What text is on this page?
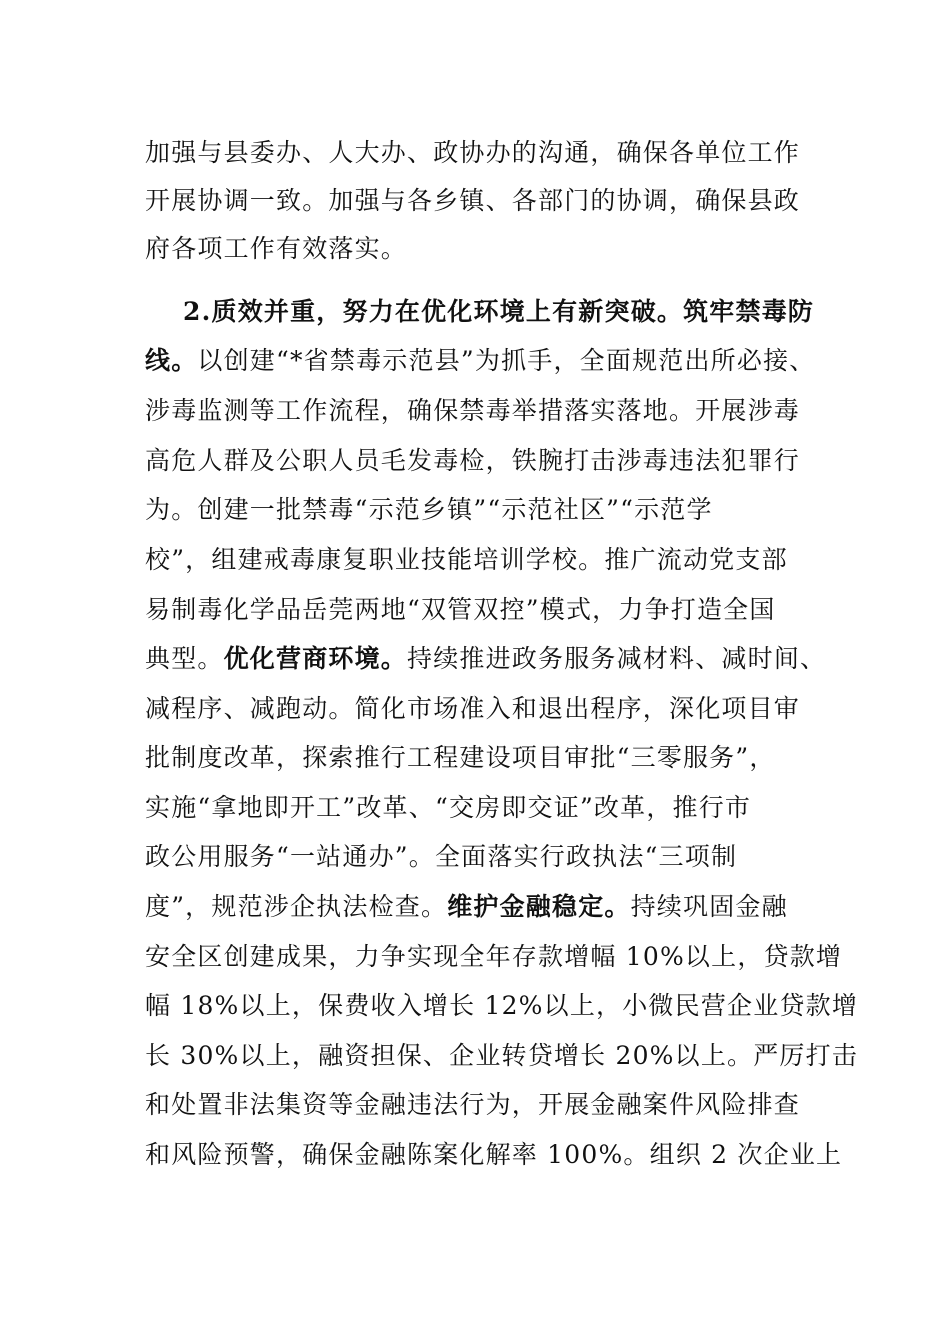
加强与县委办、人大办、政协办的沟通，确保各单位工作
开展协调一致。加强与各乡镇、各部门的协调，确保县政
府各项工作有效落实。
2.质效并重，努力在优化环境上有新突破。筑牢禁毒防
线。以创建“*省禁毒示范县”为抓手，全面规范出所必接、
涉毒监测等工作流程，确保禁毒举措落实落地。开展涉毒
高危人群及公职人员毛发毒检，铁腕打击涉毒违法犯罪行
为。创建一批禁毒“示范乡镇”“示范社区”“示范学
校”，组建戒毒康复职业技能培训学校。推广流动党支部
易制毒化学品岳莞两地“双管双控”模式，力争打造全国
典型。优化营商环境。持续推进政务服务减材料、减时间、
减程序、减跑动。简化市场准入和退出程序，深化项目审
批制度改革，探索推行工程建设项目审批“三零服务”，
实施“拿地即开工”改革、“交房即交证”改革，推行市
政公用服务“一站通办”。全面落实行政执法“三项制
度”，规范涉企执法检查。维护金融稳定。持续巩固金融
安全区创建成果，力争实现全年存款增幅 10%以上，贷款增
幅 18%以上，保费收入增长 12%以上，小微民营企业贷款增
长 30%以上，融资担保、企业转贷增长 20%以上。严厉打击
和处置非法集资等金融违法行为，开展金融案件风险排查
和风险预警，确保金融陈案化解率 100%。组织 2 次企业上
